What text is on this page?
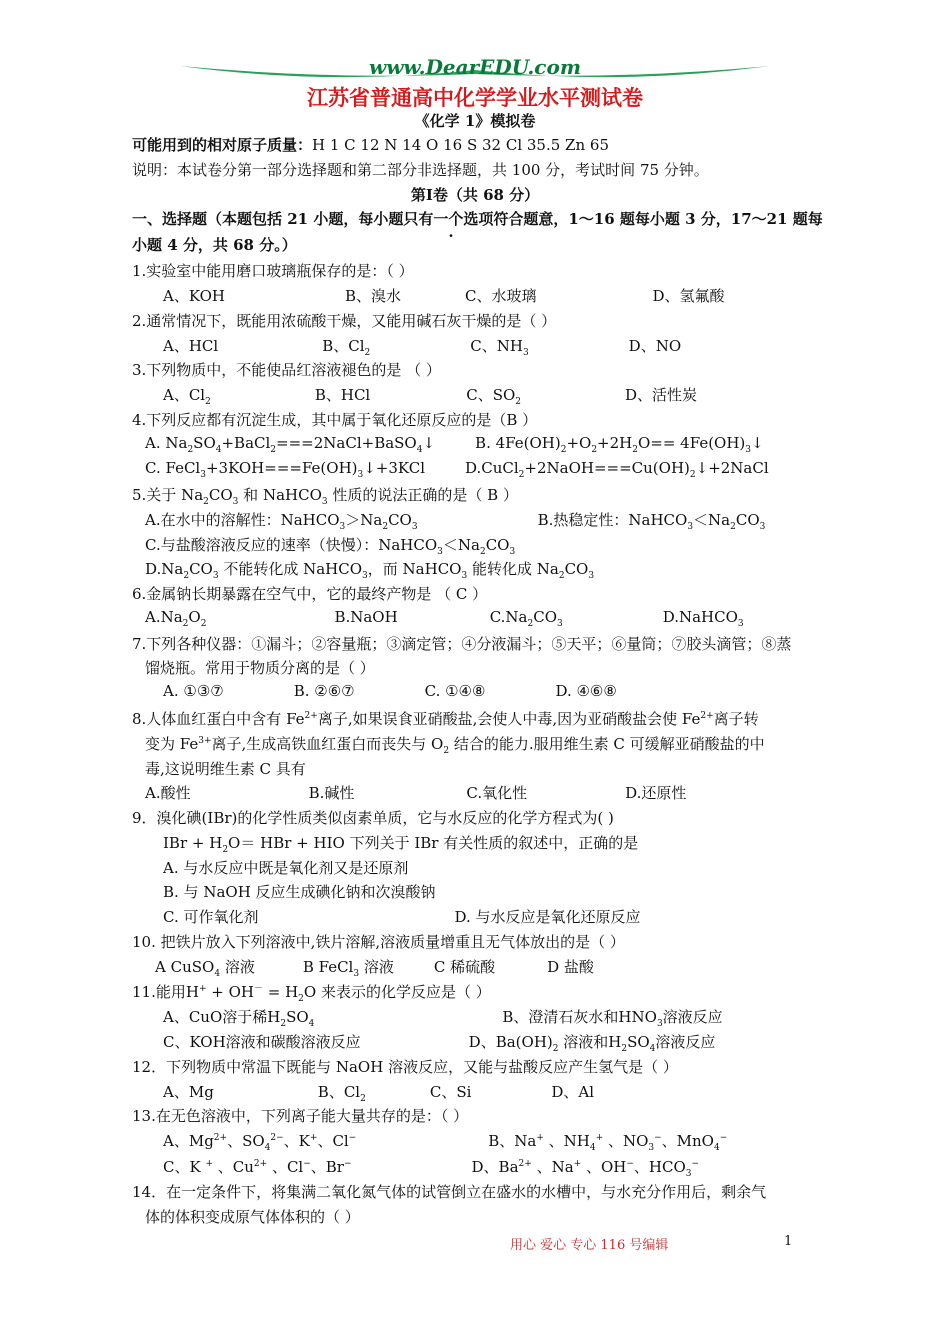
www.DearEDU.com
江苏省普通高中化学学业水平测试卷
《化学 1》模拟卷
可能用到的相对原子质量：H 1 C 12 N 14 O 16 S 32 Cl 35.5 Zn 65
说明：本试卷分第一部分选择题和第二部分非选择题，共 100 分，考试时间 75 分钟。
第Ⅰ卷（共 68 分）
一、选择题（本题包括 21 小题，每小题只有一个选项符合题意，1～16 题每小题 3 分，17～21 题每
小题 4 分，共 68 分。）
1.实验室中能用磨口玻璃瓶保存的是：（ ）
A、KOH	B、溴水	C、水玻璃	D、氢氟酸
2.通常情况下，既能用浓硫酸干燥，又能用碱石灰干燥的是（ ）
A、HCl	B、$Cl_2$	C、$NH_3$	D、NO
3.下列物质中，不能使品红溶液褪色的是 （ ）
A、$Cl_2$	B、HCl	C、$SO_2$	D、活性炭
4.下列反应都有沉淀生成，其中属于氧化还原反应的是（B ）
A. $Na_2SO_4+BaCl_2===2NaCl+BaSO_4↓$	B. $4Fe(OH)_2+O_2+2H_2O==$ $4Fe(OH)_3↓$
C. $FeCl_3+3KOH===Fe(OH)_3↓+3KCl$	$D.CuCl_2+2NaOH===Cu(OH)_2↓+2NaCl$
5.关于 $Na_2CO_3$ 和 NaHCO$_3$ 性质的说法正确的是（ B ）
A.在水中的溶解性：$NaHCO_3>Na_2CO_3$	B.热稳定性：$NaHCO_3<Na_2CO_3$
C.与盐酸溶液反应的速率（快慢）：$NaHCO_3<Na_2CO_3$
$D.Na_2CO_3$ 不能转化成 NaHCO$_3$，而 NaHCO$_3$ 能转化成 $Na_2CO_3$
6.金属钠长期暴露在空气中，它的最终产物是 （ C ）
$A.Na_2O_2$	B.NaOH	$C.Na_2CO_3$	D.NaHCO$_3$
7.下列各种仪器：①漏斗；②容量瓶；③滴定管；④分液漏斗；⑤天平；⑥量筒；⑦胶头滴管；⑧蒸
馏烧瓶。常用于物质分离的是（ ）
A. ①③⑦	B. ②⑥⑦	C. ①④⑧	D. ④⑥⑧
8.人体血红蛋白中含有 $Fe^{2+}$离子,如果误食亚硝酸盐,会使人中毒,因为亚硝酸盐会使 $Fe^{2+}$离子转
变为 $Fe^{3+}$离子,生成高铁血红蛋白而丧失与 $O_2$ 结合的能力.服用维生素 C 可缓解亚硝酸盐的中
毒,这说明维生素 C 具有
A.酸性	B.碱性	C.氧化性	D.还原性
9．溴化碘(IBr)的化学性质类似卤素单质，它与水反应的化学方程式为( )
IBr + $H_2O=$ HBr + HIO 下列关于 IBr 有关性质的叙述中，正确的是
A. 与水反应中既是氧化剂又是还原剂
B. 与 NaOH 反应生成碘化钠和次溴酸钠
C. 可作氧化剂	D. 与水反应是氧化还原反应
10. 把铁片放入下列溶液中,铁片溶解,溶液质量增重且无气体放出的是（ ）
A CuSO$_4$ 溶液	B FeCl$_3$ 溶液	C 稀硫酸	D 盐酸
11.能用$H^+ + OH^- = H_2O$ 来表示的化学反应是（ ）
A、CuO溶于稀$H_2SO_4$	B、澄清石灰水和$HNO_3$溶液反应
C、KOH溶液和碳酸溶液反应	D、$Ba(OH)_2$ 溶液和$H_2SO_4$溶液反应
12．下列物质中常温下既能与 NaOH 溶液反应，又能与盐酸反应产生氢气是（ ）
A、Mg	B、$Cl_2$	C、Si	D、Al
13.在无色溶液中，下列离子能大量共存的是：（ ）
A、$Mg^{2+}$、$SO_4^{2-}$、K+、Cl−	B、Na+ 、$NH_4^+$ 、$NO_3^-$、MnO$_4$−
C、K + 、$Cu^{2+}$ 、Cl−、Br−	D、$Ba^{2+}$ 、Na+ 、OH−、$HCO_3^-$
14．在一定条件下，将集满二氧化氮气体的试管倒立在盛水的水槽中，与水充分作用后，剩余气
体的体积变成原气体体积的（ ）
用心 爱心 专心 116 号编辑	1
